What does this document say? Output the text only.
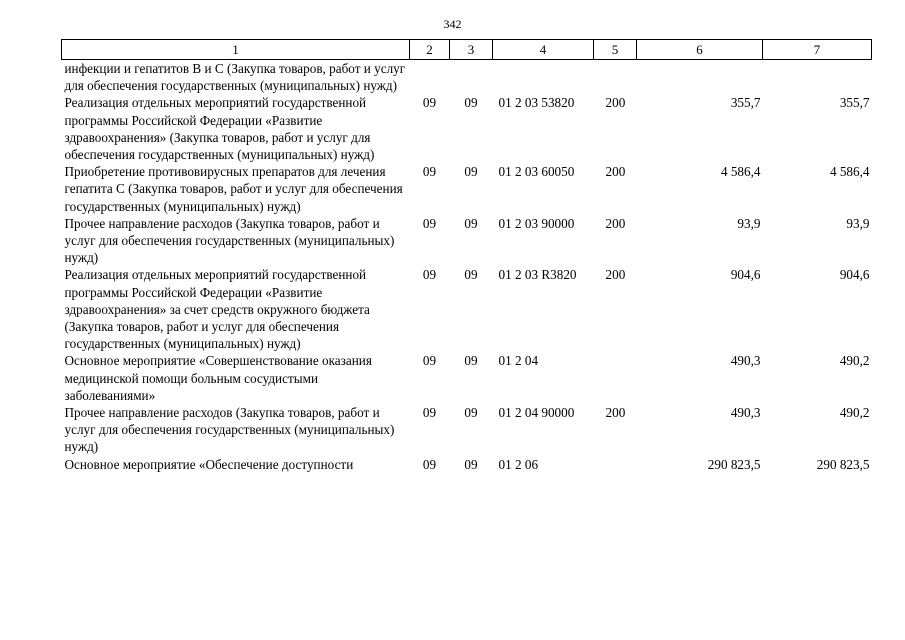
342
1	2	3	4	5	6	7
инфекции и гепатитов В и С (Закупка товаров, работ и услуг для обеспечения государственных (муниципальных) нужд)						
Реализация отдельных мероприятий государственной программы Российской Федерации «Развитие здравоохранения» (Закупка товаров, работ и услуг для обеспечения государственных (муниципальных) нужд)	09	09	01 2 03 53820	200	355,7	355,7
Приобретение противовирусных препаратов для лечения гепатита С (Закупка товаров, работ и услуг для обеспечения государственных (муниципальных) нужд)	09	09	01 2 03 60050	200	4 586,4	4 586,4
Прочее направление расходов (Закупка товаров, работ и услуг для обеспечения государственных (муниципальных) нужд)	09	09	01 2 03 90000	200	93,9	93,9
Реализация отдельных мероприятий государственной программы Российской Федерации «Развитие здравоохранения» за счет средств окружного бюджета (Закупка товаров, работ и услуг для обеспечения государственных (муниципальных) нужд)	09	09	01 2 03 R3820	200	904,6	904,6
Основное мероприятие «Совершенствование оказания медицинской помощи больным сосудистыми заболеваниями»	09	09	01 2 04		490,3	490,2
Прочее направление расходов (Закупка товаров, работ и услуг для обеспечения государственных (муниципальных) нужд)	09	09	01 2 04 90000	200	490,3	490,2
Основное мероприятие «Обеспечение доступности	09	09	01 2 06		290 823,5	290 823,5
